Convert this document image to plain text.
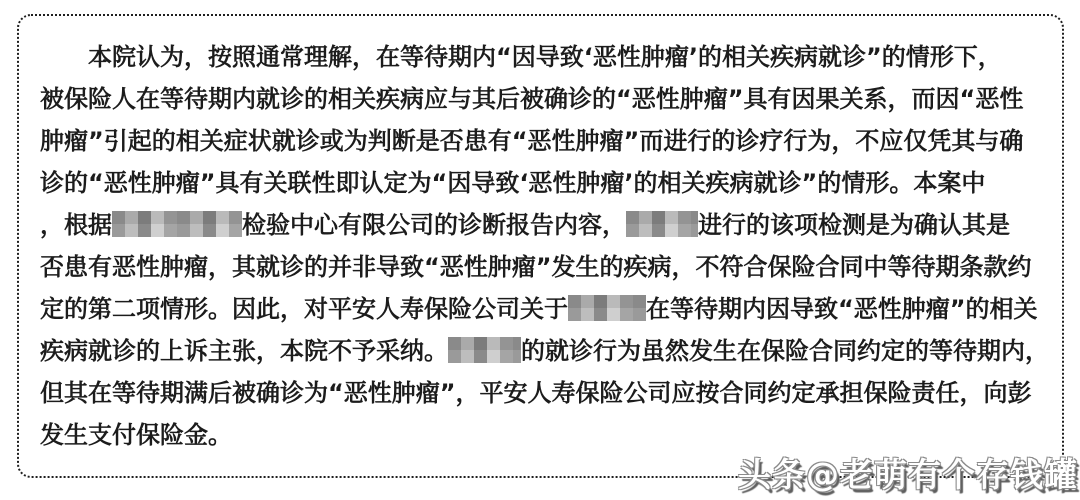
本院认为，按照通常理解，在等待期内“因导致‘恶性肿瘤’的相关疾病就诊”的情形下，
被保险人在等待期内就诊的相关疾病应与其后被确诊的“恶性肿瘤”具有因果关系，而因“恶性
肿瘤”引起的相关症状就诊或为判断是否患有“恶性肿瘤”而进行的诊疗行为，不应仅凭其与确
诊的“恶性肿瘤”具有关联性即认定为“因导致‘恶性肿瘤’的相关疾病就诊”的情形。本案中
，根据	检验中心有限公司的诊断报告内容，	进行的该项检测是为确认其是
否患有恶性肿瘤，其就诊的并非导致“恶性肿瘤”发生的疾病，不符合保险合同中等待期条款约
定的第二项情形。因此，对平安人寿保险公司关于	在等待期内因导致“恶性肿瘤”的相关
疾病就诊的上诉主张，本院不予采纳。	的就诊行为虽然发生在保险合同约定的等待期内，
但其在等待期满后被确诊为“恶性肿瘤”，平安人寿保险公司应按合同约定承担保险责任，向彭
发生支付保险金。
头条@老萌有个存钱罐
